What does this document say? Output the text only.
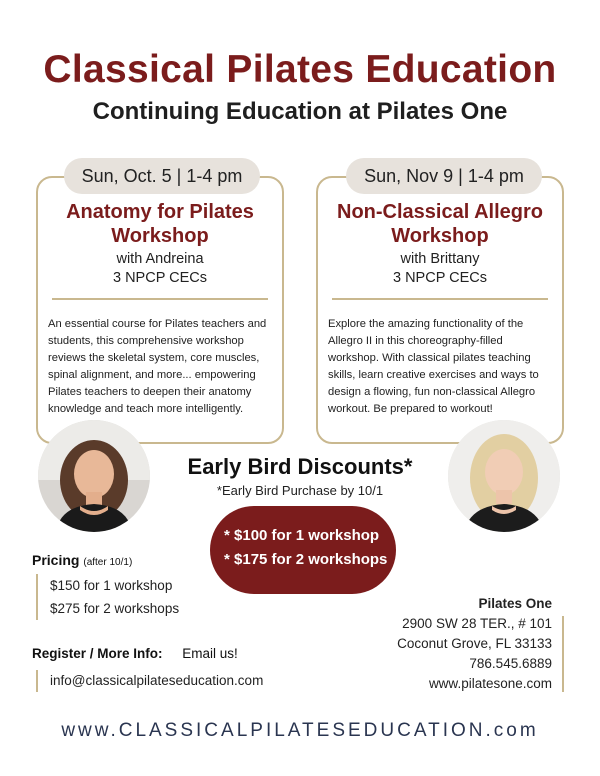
Classical Pilates Education
Continuing Education at Pilates One
Anatomy for Pilates
Workshop
with Andreina
3 NPCP CECs
An essential course for Pilates teachers and students, this comprehensive workshop reviews the skeletal system, core muscles, spinal alignment, and more... empowering Pilates teachers to deepen their anatomy knowledge and teach more intelligently.
Sun, Oct. 5 | 1-4 pm
Non-Classical Allegro
Workshop
with Brittany
3 NPCP CECs
Explore the amazing functionality of the Allegro II in this choreography-filled workshop. With classical pilates teaching skills, learn creative exercises and ways to design a flowing, fun non-classical Allegro workout. Be prepared to workout!
Sun, Nov 9 | 1-4 pm
Early Bird Discounts*
*Early Bird Purchase by 10/1
* $100 for 1 workshop
* $175 for 2 workshops
Pricing (after 10/1)
$150 for 1 workshop
$275 for 2 workshops
Register / More Info: Email us!
info@classicalpilateseducation.com
Pilates One
2900 SW 28 TER., # 101
Coconut Grove, FL 33133
786.545.6889
www.pilatesone.com
www.CLASSICALPILATESEDUCATION.com
